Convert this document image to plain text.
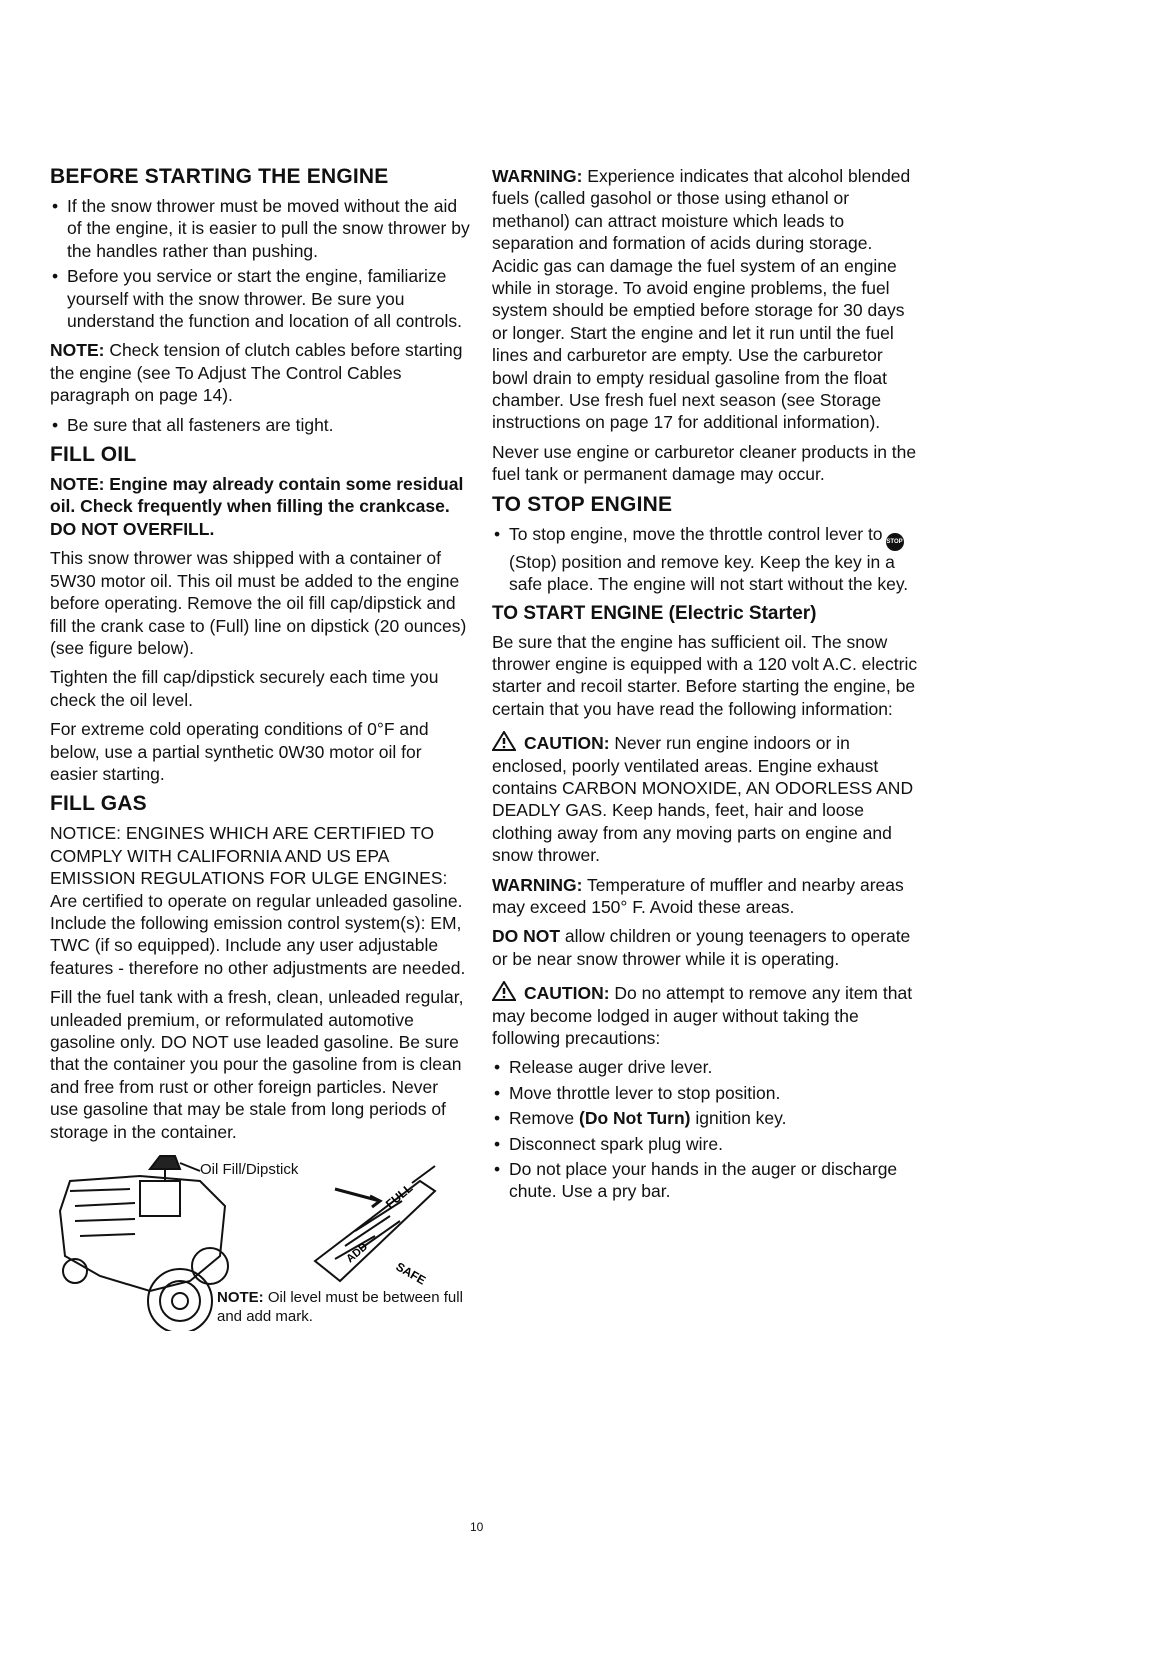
BEFORE STARTING THE ENGINE
• If the snow thrower must be moved without the aid of the engine, it is easier to pull the snow thrower by the handles rather than pushing.
• Before you service or start the engine, familiarize yourself with the snow thrower. Be sure you understand the function and location of all controls.

NOTE: Check tension of clutch cables before starting the engine (see To Adjust The Control Cables paragraph on page 14).

• Be sure that all fasteners are tight.
FILL OIL

NOTE: Engine may already contain some residual oil. Check frequently when filling the crankcase. DO NOT OVERFILL.

This snow thrower was shipped with a container of 5W30 motor oil. This oil must be added to the engine before operating. Remove the oil fill cap/dipstick and fill the crank case to (Full) line on dipstick (20 ounces) (see figure below).

Tighten the fill cap/dipstick securely each time you check the oil level.

For extreme cold operating conditions of 0°F and below, use a partial synthetic 0W30 motor oil for easier starting.

FILL GAS

NOTICE: ENGINES WHICH ARE CERTIFIED TO COMPLY WITH CALIFORNIA AND US EPA EMISSION REGULATIONS FOR ULGE ENGINES: Are certified to operate on regular unleaded gasoline. Include the following emission control system(s): EM, TWC (if so equipped). Include any user adjustable features - therefore no other adjustments are needed.

Fill the fuel tank with a fresh, clean, unleaded regular, unleaded premium, or reformulated automotive gasoline only. DO NOT use leaded gasoline. Be sure that the container you pour the gasoline from is clean and free from rust or other foreign particles. Never use gasoline that may be stale from long periods of storage in the container.

FULL
ADD
SAFE
Oil Fill/Dipstick
NOTE: Oil level must be between full and add mark.

WARNING: Experience indicates that alcohol blended fuels (called gasohol or those using ethanol or methanol) can attract moisture which leads to separation and formation of acids during storage. Acidic gas can damage the fuel system of an engine while in storage. To avoid engine problems, the fuel system should be emptied before storage for 30 days or longer. Start the engine and let it run until the fuel lines and carburetor are empty. Use the carburetor bowl drain to empty residual gasoline from the float chamber. Use fresh fuel next season (see Storage instructions on page 17 for additional information).

Never use engine or carburetor cleaner products in the fuel tank or permanent damage may occur.

TO STOP ENGINE
• To stop engine, move the throttle control lever to STOP(Stop) position and remove key. Keep the key in a safe place. The engine will not start without the key.
TO START ENGINE (Electric Starter)

Be sure that the engine has sufficient oil. The snow thrower engine is equipped with a 120 volt A.C. electric starter and recoil starter. Before starting the engine, be certain that you have read the following information:

CAUTION: Never run engine indoors or in enclosed, poorly ventilated areas. Engine exhaust contains CARBON MONOXIDE, AN ODORLESS AND DEADLY GAS. Keep hands, feet, hair and loose clothing away from any moving parts on engine and snow thrower.

WARNING: Temperature of muffler and nearby areas may exceed 150° F. Avoid these areas.

DO NOT allow children or young teenagers to operate or be near snow thrower while it is operating.

CAUTION: Do no attempt to remove any item that may become lodged in auger without taking the following precautions:

• Release auger drive lever.
• Move throttle lever to stop position.
• Remove (Do Not Turn) ignition key.
• Disconnect spark plug wire.
• Do not place your hands in the auger or discharge chute. Use a pry bar.
10
